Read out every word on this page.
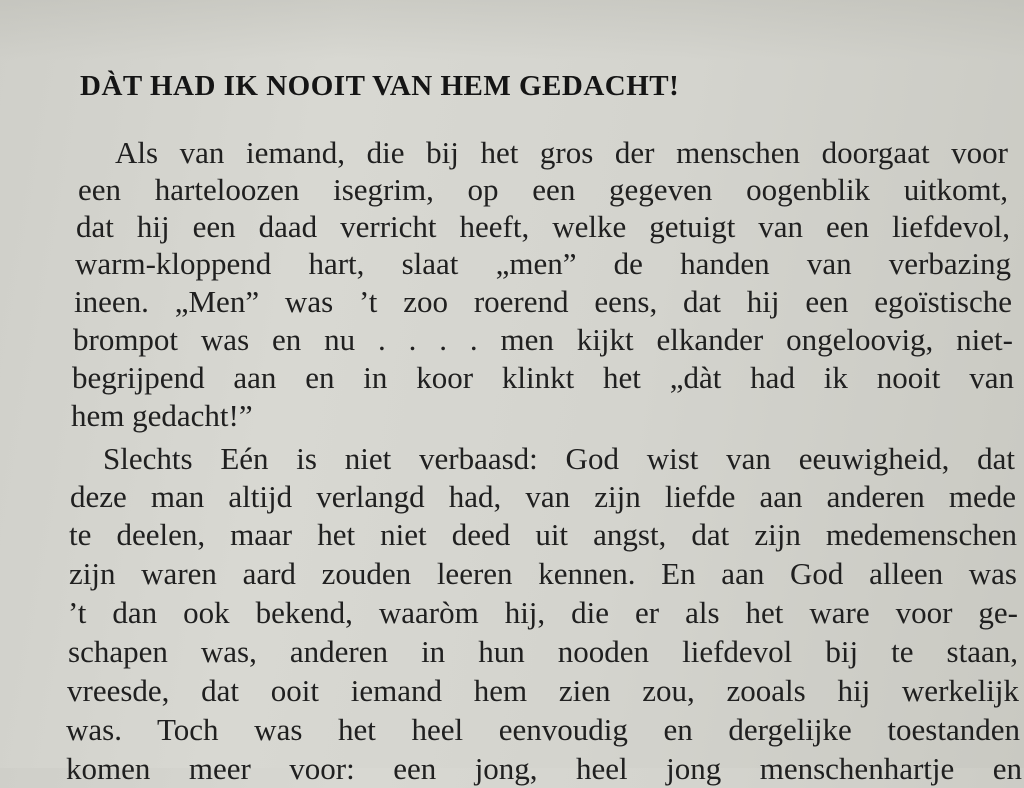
DÀT HAD IK NOOIT VAN HEM GEDACHT!
Als van iemand, die bij het gros der menschen doorgaat voor
een harteloozen isegrim, op een gegeven oogenblik uitkomt,
dat hij een daad verricht heeft, welke getuigt van een liefdevol,
warm-kloppend hart, slaat „men” de handen van verbazing
ineen. „Men” was ’t zoo roerend eens, dat hij een egoïstische
brompot was en nu . . . . men kijkt elkander ongeloovig, niet-
begrijpend aan en in koor klinkt het „dàt had ik nooit van
hem gedacht!”
Slechts Eén is niet verbaasd: God wist van eeuwigheid, dat
deze man altijd verlangd had, van zijn liefde aan anderen mede
te deelen, maar het niet deed uit angst, dat zijn medemenschen
zijn waren aard zouden leeren kennen. En aan God alleen was
’t dan ook bekend, waaròm hij, die er als het ware voor ge-
schapen was, anderen in hun nooden liefdevol bij te staan,
vreesde, dat ooit iemand hem zien zou, zooals hij werkelijk
was. Toch was het heel eenvoudig en dergelijke toestanden
komen meer voor: een jong, heel jong menschenhartje en
